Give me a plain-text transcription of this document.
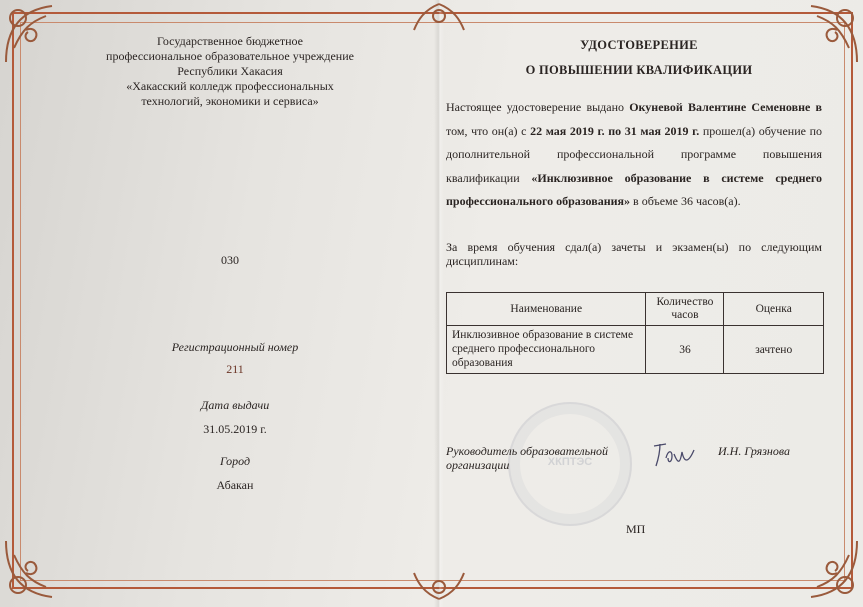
Государственное бюджетное
профессиональное образовательное учреждение
Республики Хакасия
«Хакасский колледж профессиональных
технологий, экономики и сервиса»
030
Регистрационный номер
211
Дата выдачи
31.05.2019 г.
Город
Абакан
УДОСТОВЕРЕНИЕ
О ПОВЫШЕНИИ КВАЛИФИКАЦИИ
Настоящее удостоверение выдано Окуневой Валентине Семеновне в том, что он(а) с 22 мая 2019 г. по 31 мая 2019 г. прошел(а) обучение по дополнительной профессиональной программе повышения квалификации «Инклюзивное образование в системе среднего профессионального образования» в объеме 36 часов(а).
За время обучения сдал(а) зачеты и экзамен(ы) по следующим дисциплинам:
Наименование	Количество часов	Оценка
Инклюзивное образование в системе среднего профессионального образования	36	зачтено
ХКПТЭС
Руководитель образовательной организации
И.Н. Грязнова
МП
